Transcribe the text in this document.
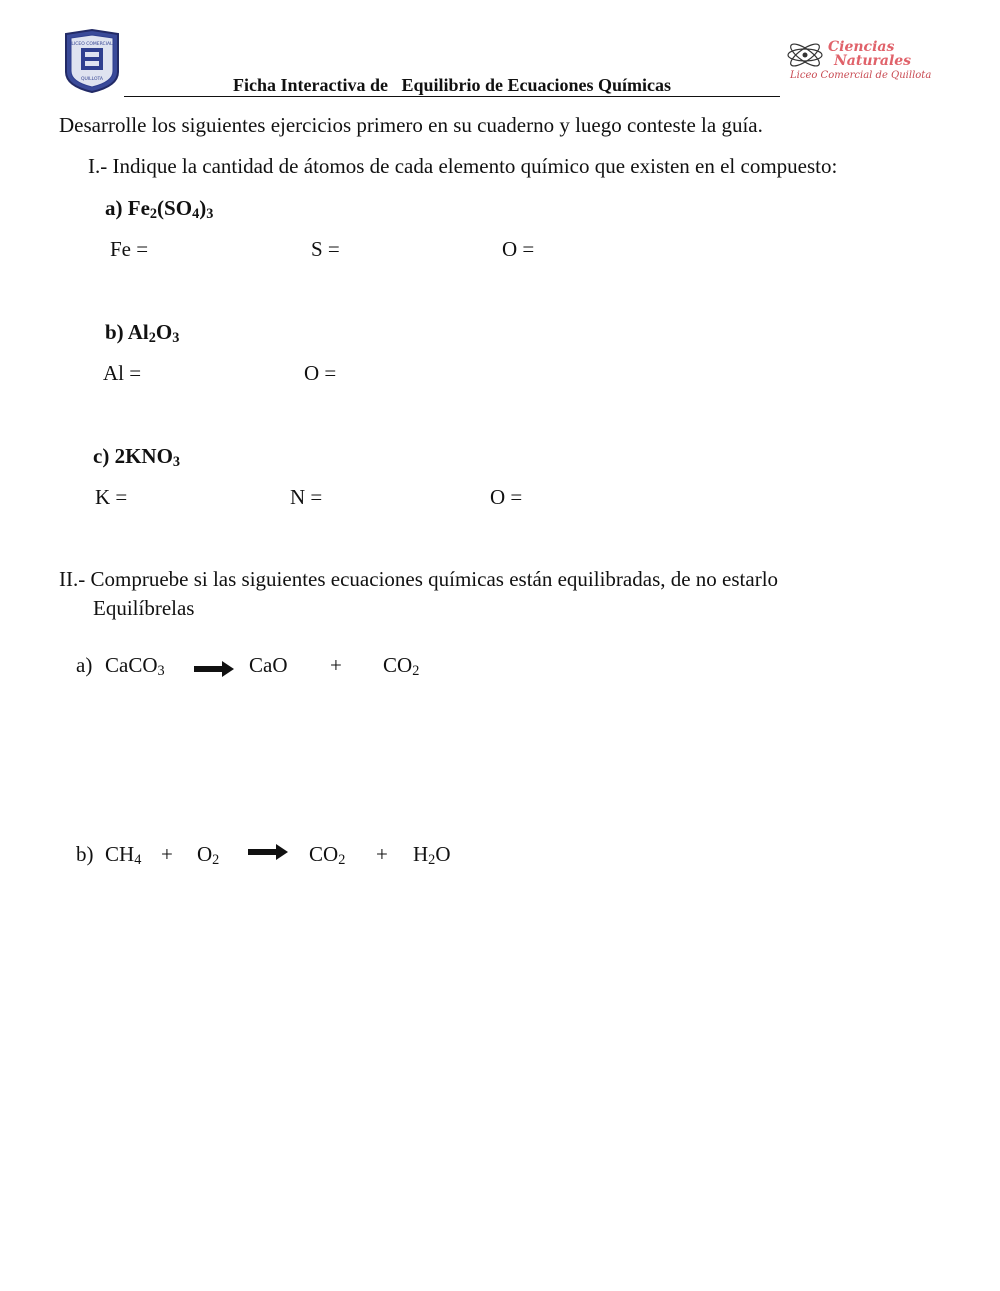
LICEO COMERCIAL
QUILLOTA
Ciencias
Naturales
Liceo Comercial de Quillota
Ficha Interactiva de   Equilibrio de Ecuaciones Químicas
Desarrolle los siguientes ejercicios primero en su cuaderno y luego conteste la guía.
I.- Indique la cantidad de átomos de cada elemento químico que existen en el compuesto:
a) $Fe_2(SO_4)_3$
Fe =	S =	O =
b) $Al_2O_3$
Al =	O =
c) $2KNO_3$
K =	N =	O =
II.- Compruebe si las siguientes ecuaciones químicas están equilibradas, de no estarlo
Equilíbrelas
a) CaCO$_3$ → CaO + $CO_2$
b) $CH_4 + O_2 \to CO_2 + H_2O$
